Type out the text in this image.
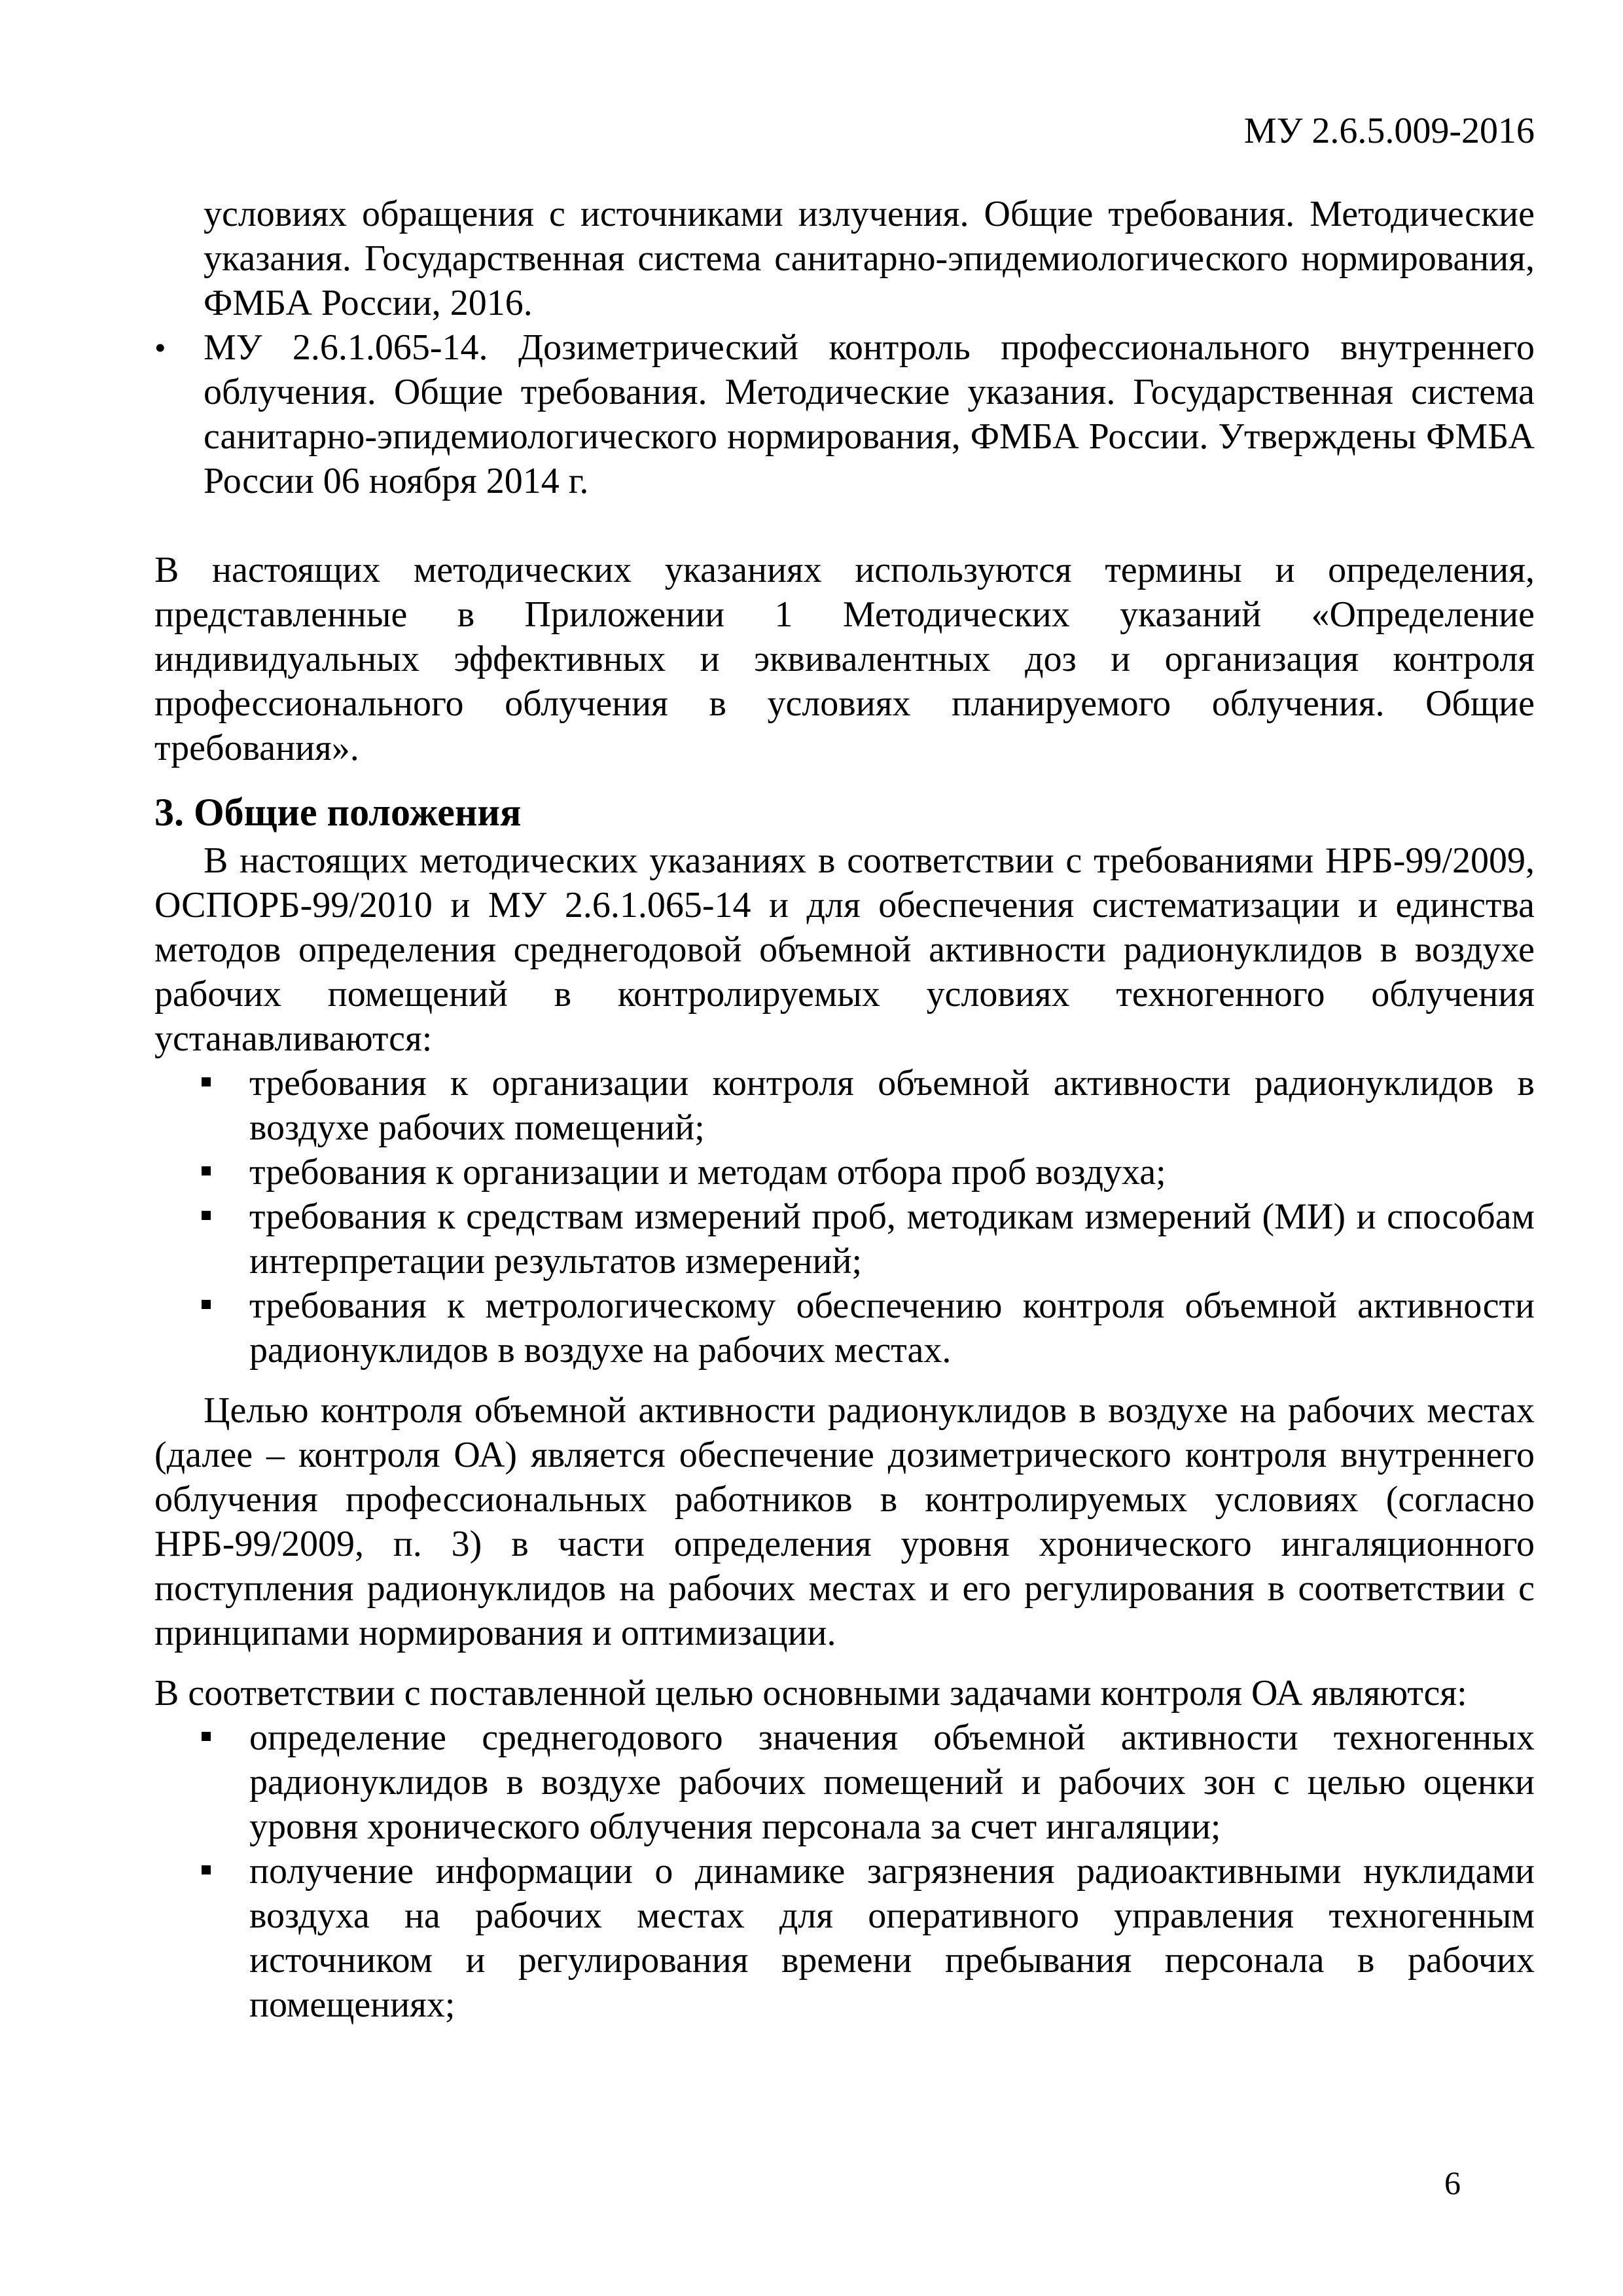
МУ 2.6.5.009-2016

условиях обращения с источниками излучения. Общие требования. Методические указания. Государственная система санитарно-эпидемиологического нормирования, ФМБА России, 2016.

• МУ 2.6.1.065-14. Дозиметрический контроль профессионального внутреннего облучения. Общие требования. Методические указания. Государственная система санитарно-эпидемиологического нормирования, ФМБА России. Утверждены ФМБА России 06 ноября 2014 г.

В настоящих методических указаниях используются термины и определения, представленные в Приложении 1 Методических указаний «Определение индивидуальных эффективных и эквивалентных доз и организация контроля профессионального облучения в условиях планируемого облучения. Общие требования».

3. Общие положения

В настоящих методических указаниях в соответствии с требованиями НРБ-99/2009, ОСПОРБ-99/2010 и МУ 2.6.1.065-14 и для обеспечения систематизации и единства методов определения среднегодовой объемной активности радионуклидов в воздухе рабочих помещений в контролируемых условиях техногенного облучения устанавливаются:

требования к организации контроля объемной активности радионуклидов в воздухе рабочих помещений;
требования к организации и методам отбора проб воздуха;
требования к средствам измерений проб, методикам измерений (МИ) и способам интерпретации результатов измерений;
требования к метрологическому обеспечению контроля объемной активности радионуклидов в воздухе на рабочих местах.

Целью контроля объемной активности радионуклидов в воздухе на рабочих местах (далее – контроля ОА) является обеспечение дозиметрического контроля внутреннего облучения профессиональных работников в контролируемых условиях (согласно НРБ-99/2009, п. 3) в части определения уровня хронического ингаляционного поступления радионуклидов на рабочих местах и его регулирования в соответствии с принципами нормирования и оптимизации.

В соответствии с поставленной целью основными задачами контроля ОА являются:

определение среднегодового значения объемной активности техногенных радионуклидов в воздухе рабочих помещений и рабочих зон с целью оценки уровня хронического облучения персонала за счет ингаляции;
получение информации о динамике загрязнения радиоактивными нуклидами воздуха на рабочих местах для оперативного управления техногенным источником и регулирования времени пребывания персонала в рабочих помещениях;
6
